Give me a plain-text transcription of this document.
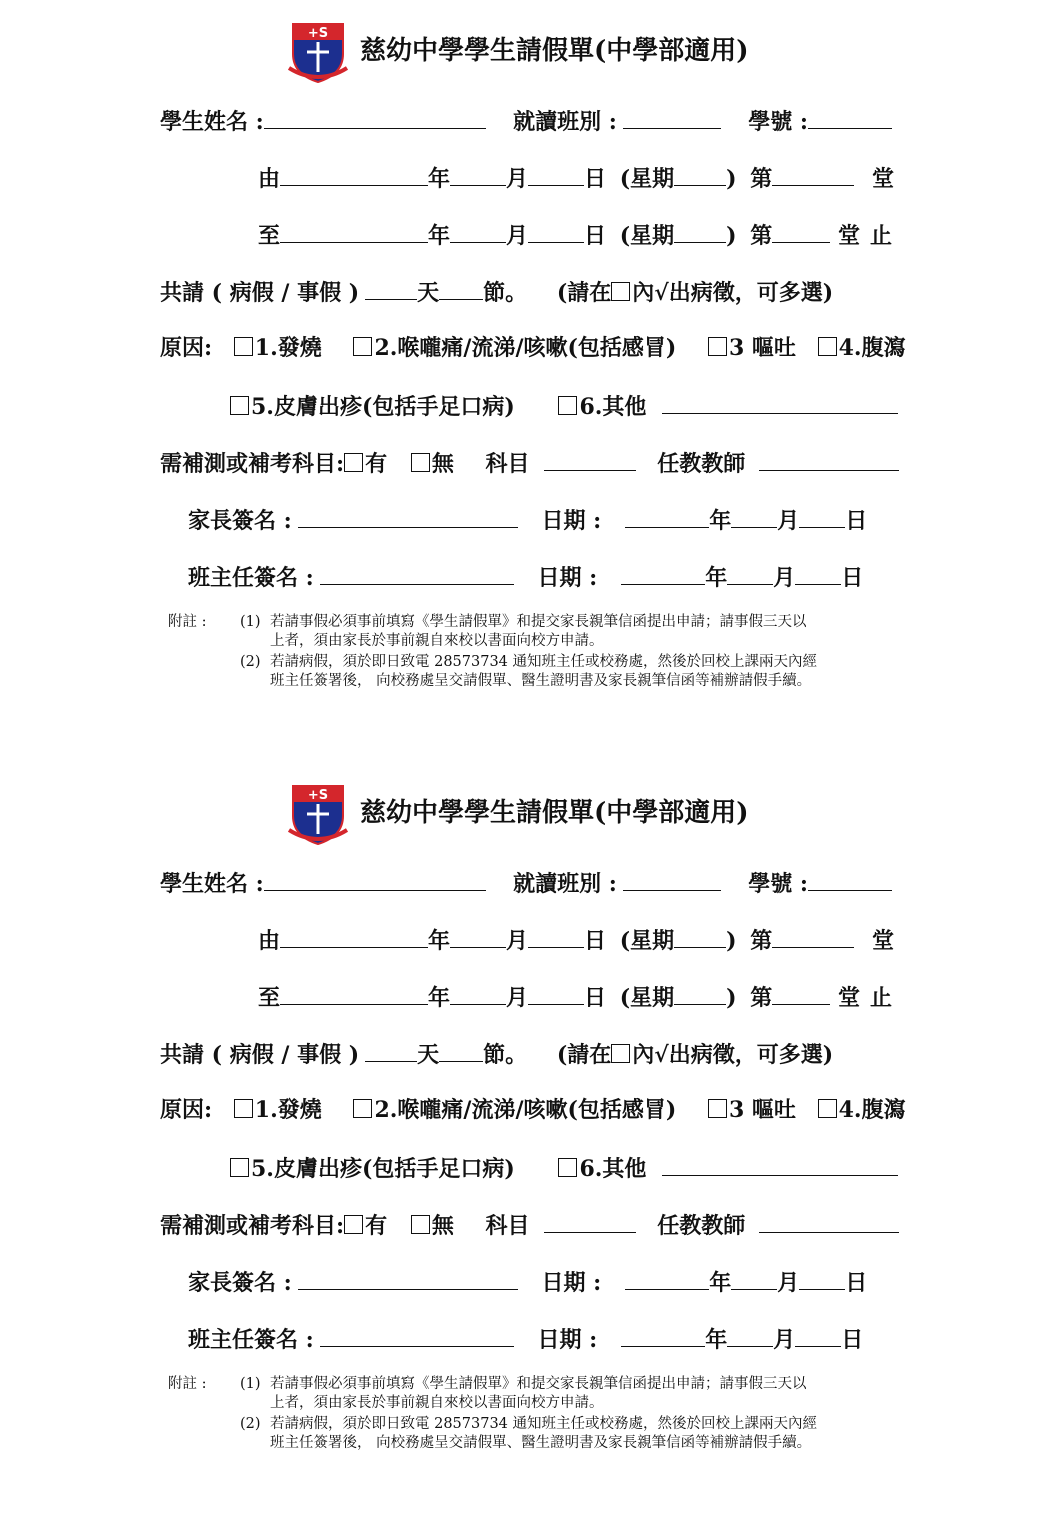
+S
慈幼中學學生請假單(中學部適用)
學生姓名 :	就讀班別 :	學號 :
由	年	月	日 (星期 ) 第	堂
至	年	月	日 (星期 ) 第	堂 止
共請 ( 病假 / 事假 )	天 節。 (請在 內√出病徵，可多選)
原因: 1.發燒 2.喉嚨痛/流涕/咳嗽(包括感冒) 3 嘔吐 4.腹瀉
5.皮膚出疹(包括手足口病)	6.其他
需補測或補考科目: 有 無 科目	任教教師
家長簽名 :	日期 :	年 月 日
班主任簽名 :	日期 :	年 月 日
附註 : (1) 若請事假必須事前填寫《學生請假單》和提交家長親筆信函提出申請；請事假三天以
上者，須由家長於事前親自來校以書面向校方申請。
(2) 若請病假，須於即日致電 28573734 通知班主任或校務處，然後於回校上課兩天內經
班主任簽署後， 向校務處呈交請假單、醫生證明書及家長親筆信函等補辦請假手續。
+S
慈幼中學學生請假單(中學部適用)
學生姓名 :	就讀班別 :	學號 :
由	年	月	日 (星期 ) 第	堂
至	年	月	日 (星期 ) 第	堂 止
共請 ( 病假 / 事假 )	天 節。 (請在 內√出病徵，可多選)
原因: 1.發燒 2.喉嚨痛/流涕/咳嗽(包括感冒) 3 嘔吐 4.腹瀉
5.皮膚出疹(包括手足口病)	6.其他
需補測或補考科目: 有 無 科目	任教教師
家長簽名 :	日期 :	年 月 日
班主任簽名 :	日期 :	年 月 日
附註 : (1) 若請事假必須事前填寫《學生請假單》和提交家長親筆信函提出申請；請事假三天以
上者，須由家長於事前親自來校以書面向校方申請。
(2) 若請病假，須於即日致電 28573734 通知班主任或校務處，然後於回校上課兩天內經
班主任簽署後， 向校務處呈交請假單、醫生證明書及家長親筆信函等補辦請假手續。
